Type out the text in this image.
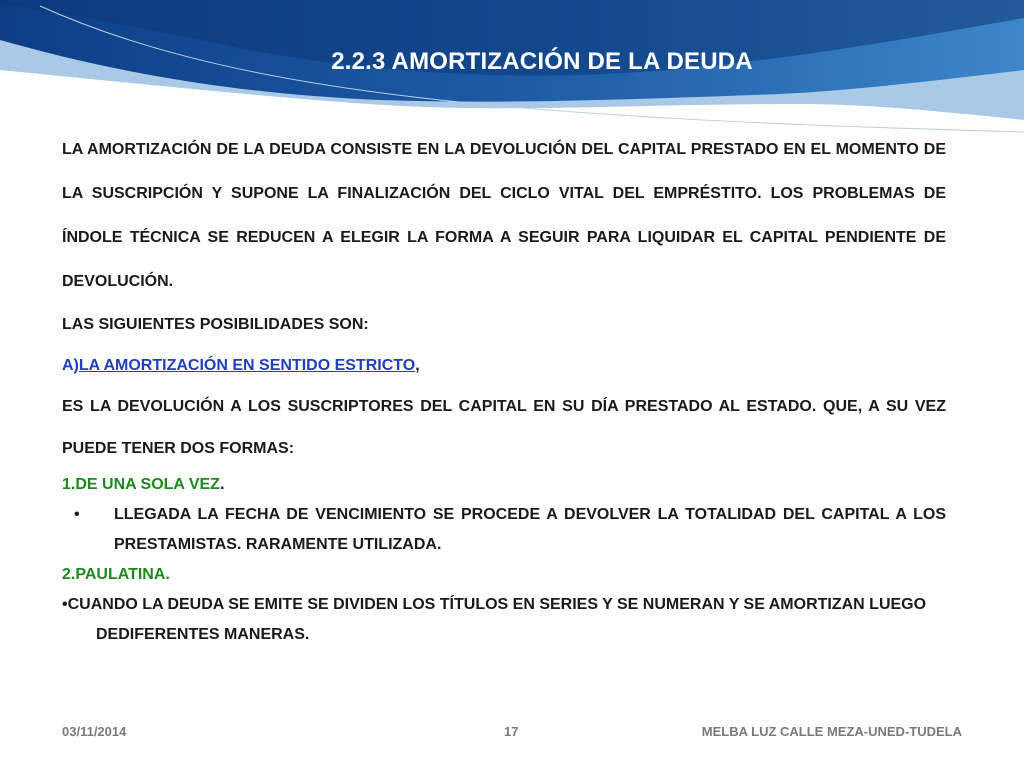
2.2.3 AMORTIZACIÓN DE LA DEUDA

LA AMORTIZACIÓN DE LA DEUDA CONSISTE EN LA DEVOLUCIÓN DEL CAPITAL PRESTADO EN EL MOMENTO DE LA SUSCRIPCIÓN Y SUPONE LA FINALIZACIÓN DEL CICLO VITAL DEL EMPRÉSTITO. LOS PROBLEMAS DE ÍNDOLE TÉCNICA SE REDUCEN A ELEGIR LA FORMA A SEGUIR PARA LIQUIDAR EL CAPITAL PENDIENTE DE DEVOLUCIÓN.

LAS SIGUIENTES POSIBILIDADES SON:

A)LA AMORTIZACIÓN EN SENTIDO ESTRICTO,

ES LA DEVOLUCIÓN A LOS SUSCRIPTORES DEL CAPITAL EN SU DÍA PRESTADO AL ESTADO. QUE, A SU VEZ PUEDE TENER DOS FORMAS:

1.DE UNA SOLA VEZ.

•	LLEGADA LA FECHA DE VENCIMIENTO SE PROCEDE A DEVOLVER LA TOTALIDAD DEL CAPITAL A LOS PRESTAMISTAS. RARAMENTE UTILIZADA.

2.PAULATINA.

•CUANDO LA DEUDA SE EMITE SE DIVIDEN LOS TÍTULOS EN SERIES Y SE NUMERAN Y SE AMORTIZAN LUEGO DEDIFERENTES MANERAS.

03/11/2014	17	MELBA LUZ CALLE MEZA-UNED-TUDELA
